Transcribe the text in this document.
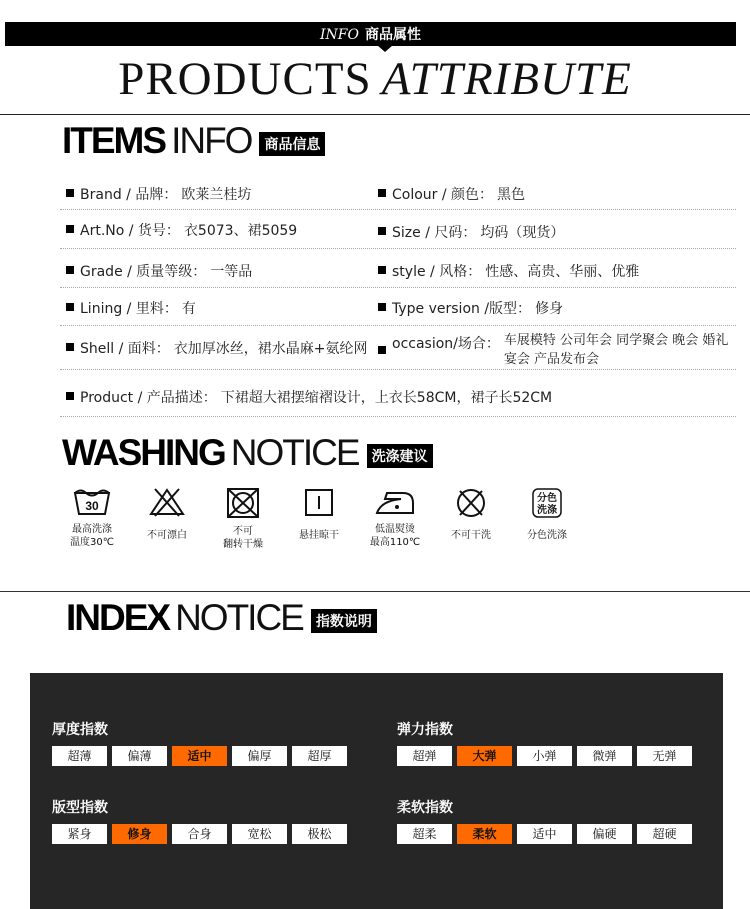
INFO 商品属性
PRODUCTS ATTRIBUTE
ITEMS INFO 商品信息
Brand / 品牌： 欧莱兰桂坊	Colour / 颜色： 黑色
Art.No / 货号： 衣5073、裙5059	Size / 尺码： 均码（现货）
Grade / 质量等级： 一等品	style / 风格： 性感、高贵、华丽、优雅
Lining / 里料： 有	Type version /版型： 修身
Shell / 面料： 衣加厚冰丝，裙水晶麻+氨纶网 occasion/场合： 车展模特 公司年会 同学聚会 晚会 婚礼宴会 产品发布会
Product / 产品描述： 下裙超大裙摆缩褶设计，上衣长58CM，裙子长52CM
WASHING NOTICE 洗涤建议
30
最高洗涤
温度30℃
不可漂白	不可
翻转干燥
悬挂晾干
低温熨烫
最高110℃
不可干洗
分色
洗涤
分色洗涤
INDEX NOTICE 指数说明
厚度指数
超薄	偏薄	适中	偏厚	超厚
弹力指数
超弹	大弹	小弹	微弹	无弹
版型指数
紧身	修身	合身	宽松	极松
柔软指数
超柔	柔软	适中	偏硬	超硬
